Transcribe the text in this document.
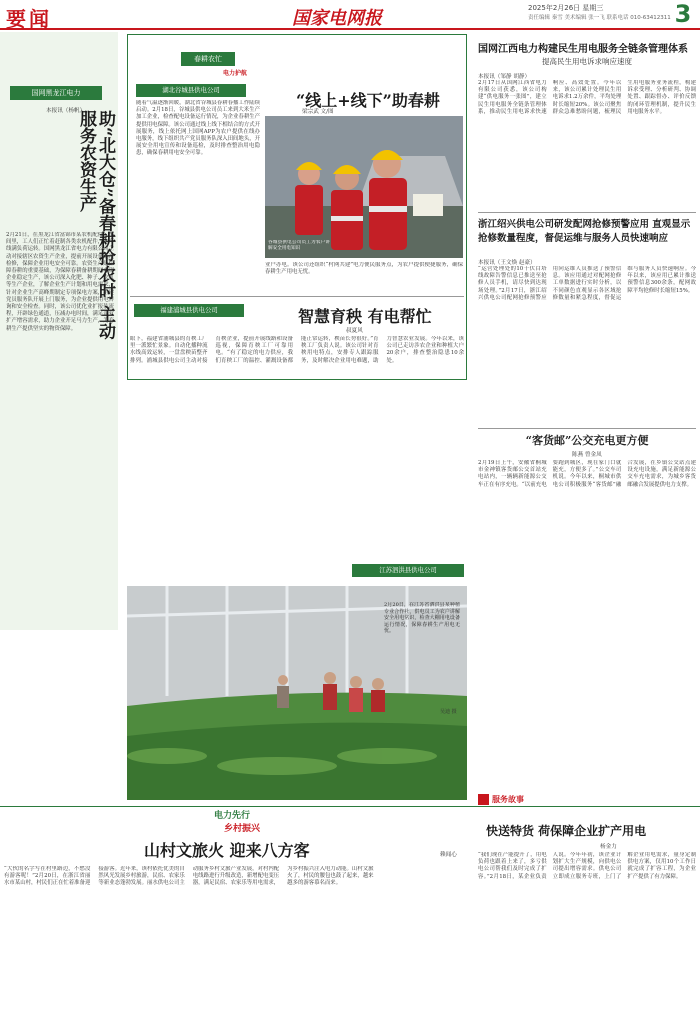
要闻	国家电网报	2025年2月26日 星期三
责任编辑 秦雪 美术编辑 张一飞 联系电话 010-63412311 3
国网黑龙江电力
助“北大仓”备春耕抢农时 主动服务农资生产
本报讯（杨帆）
2月21日，在黑龙江省富锦市某农机配件厂车间里，工人们正忙着赶制各类农机配件，生产线满负荷运转。国网黑龙江省电力有限公司主动对接辖区农资生产企业，提前开展设备巡视检修，保障企业用电安全可靠。农资生产是保障春耕的重要基础，为保障春耕备耕期间农资企业稳定生产，该公司深入化肥、种子、农机等生产企业，了解企业生产计划和用电需求，针对企业生产高峰期制定专项保电方案，组建党员服务队开展上门服务，为企业提供用电咨询和安全检查。同时，该公司优化业扩报装流程，开辟绿色通道，压减办电时间，满足企业扩产增容需求，助力企业开足马力生产，为春耕生产提供坚实的物资保障。
春耕农忙
电力护航
湖北谷城县供电公司
“线上+线下”助春耕
梁宗武 文/图
随着气温逐渐回暖，湖北省谷城县春耕春播工作陆续启动。2月18日，谷城县供电公司员工来到大米生产加工企业，检查配电设备运行情况，为企业春耕生产提供用电保障。该公司通过线上线下相结合的方式开展服务，线上依托网上国网APP为农户提供在线办电服务，线下组织共产党员服务队深入田间地头，开展安全用电宣传和设备巡检，及时排查整治用电隐患，确保春耕用电安全可靠。
谷城县供电公司员工为农户讲解安全用电知识
业户办电。该公司还组织“村网共建”电力便民服务点，为农户提供便捷服务，确保春耕生产用电无忧。
福建浦城县供电公司	智慧育秧 有电帮忙
叔夏风
眼下，福建省浦城县的育秧工厂里一派繁忙景象。自动化播种流水线高效运转，一盘盘秧苗整齐排列。浦城县供电公司主动对接育秧企业，提前开展线路和设备巡视，保障育秧工厂可靠用电。“有了稳定的电力供应，我们育秧工厂的温控、灌溉设备都能正常运转，秧苗长势很好。”育秧工厂负责人说。该公司针对育秧用电特点，安排专人跟踪服务，及时解决企业用电难题，助力智慧农业发展。今年以来，该公司已走访涉农企业和种植大户20余户，排查整治隐患10余处。
江苏泗洪县供电公司
2月20日，在江苏省泗洪县某种植专业合作社，供电员工为农户讲解安全用电常识，检查大棚用电设备运行情况，保障春耕生产用电无忧。
吴迪 摄
国网江西电力构建民生用电服务全链条管理体系
提高民生用电诉求响应速度
本报讯（邹静 胡静）
2月17日从国网江西省电力有限公司获悉，该公司构建“供电服务一张图”，建立民生用电服务全链条管理体系，推动民生用电诉求快速响应、高效处置。今年以来，该公司累计处理民生用电诉求1.2万余件，平均处理时长缩短20%。该公司聚焦群众急难愁盼问题，梳理民生用电服务业务流程，构建诉求受理、分析研判、协调处置、跟踪督办、评价反馈的闭环管理机制，提升民生用电服务水平。
浙江绍兴供电公司研发配网抢修预警应用 直观显示抢修数量程度，督促运维与服务人员快速响应
本报讯（王文焕 赵豪）
“运营处理处的10千伏白塔线故障告警信息已推送至抢修人员手机，请尽快到达现场处理。”2月17日，浙江绍兴供电公司配网抢修预警应用向运维人员推送了预警信息。该应用通过对配网抢修工单数据进行实时分析，以不同颜色直观显示各区域抢修数量和紧急程度，督促运维与服务人员快速响应。今年以来，该应用已累计推送预警信息300余条，配网故障平均抢修时长缩短15%。
“客货邮”公交充电更方便
陈燕 曾金凤
2月19日上午，安徽省桐城市金神镇客货邮公交首站充电站内，一辆辆新能源公交车正在有序充电。“以前充电要跑到城区，现在家门口就能充，方便多了。”公交车司机说。今年以来，桐城市供电公司积极服务“客货邮”融合发展，在乡镇公交站点建设充电设施，满足新能源公交车充电需求，为城乡客货邮融合发展提供电力支撑。
服务故事
快送特货 荷保障企业扩产用电
杨金力
“我们现在产能提升了，用电负荷也跟着上来了，多亏供电公司帮我们及时完成了扩容。”2月18日，某企业负责人说。今年年初，该企业计划扩大生产规模，向供电公司提出增容需求。供电公司立即成立服务专班，上门了解企业用电需求，量身定制供电方案，仅用10个工作日就完成了扩容工程，为企业扩产提供了有力保障。
电力先行
乡村振兴
山村文旅火 迎来八方客	赖闻心
“大伙的名字写在村里路边，不愁没有游客呢！”2月20日，在浙江省丽水市某山村，村民们正在忙着准备迎接游客。近年来，该村依托优美的自然风光发展乡村旅游，民宿、农家乐等新业态蓬勃发展。丽水供电公司主动服务乡村文旅产业发展，对村内配电线路进行升级改造，新增配电变压器，满足民宿、农家乐等用电需求，为乡村振兴注入电力动能。山村文旅火了，村民的腰包也鼓了起来，越来越多的游客慕名而来。
